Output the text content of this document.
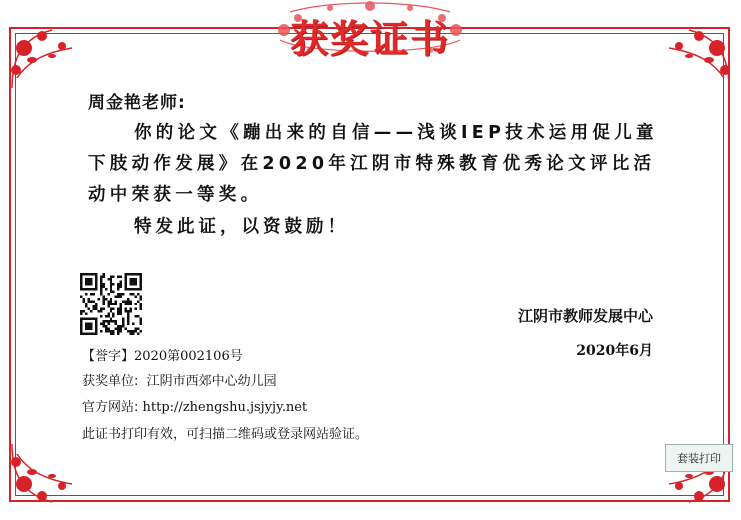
获奖证书
周金艳老师:
你的论文《蹦出来的自信——浅谈IEP技术运用促儿童下肢动作发展》在2020年江阴市特殊教育优秀论文评比活动中荣获一等奖。
特发此证，以资鼓励！
江阴市教师发展中心
2020年6月
【誉字】2020第002106号
获奖单位: 江阴市西郊中心幼儿园
官方网站: http://zhengshu.jsjyjy.net
此证书打印有效，可扫描二维码或登录网站验证。
套装打印
